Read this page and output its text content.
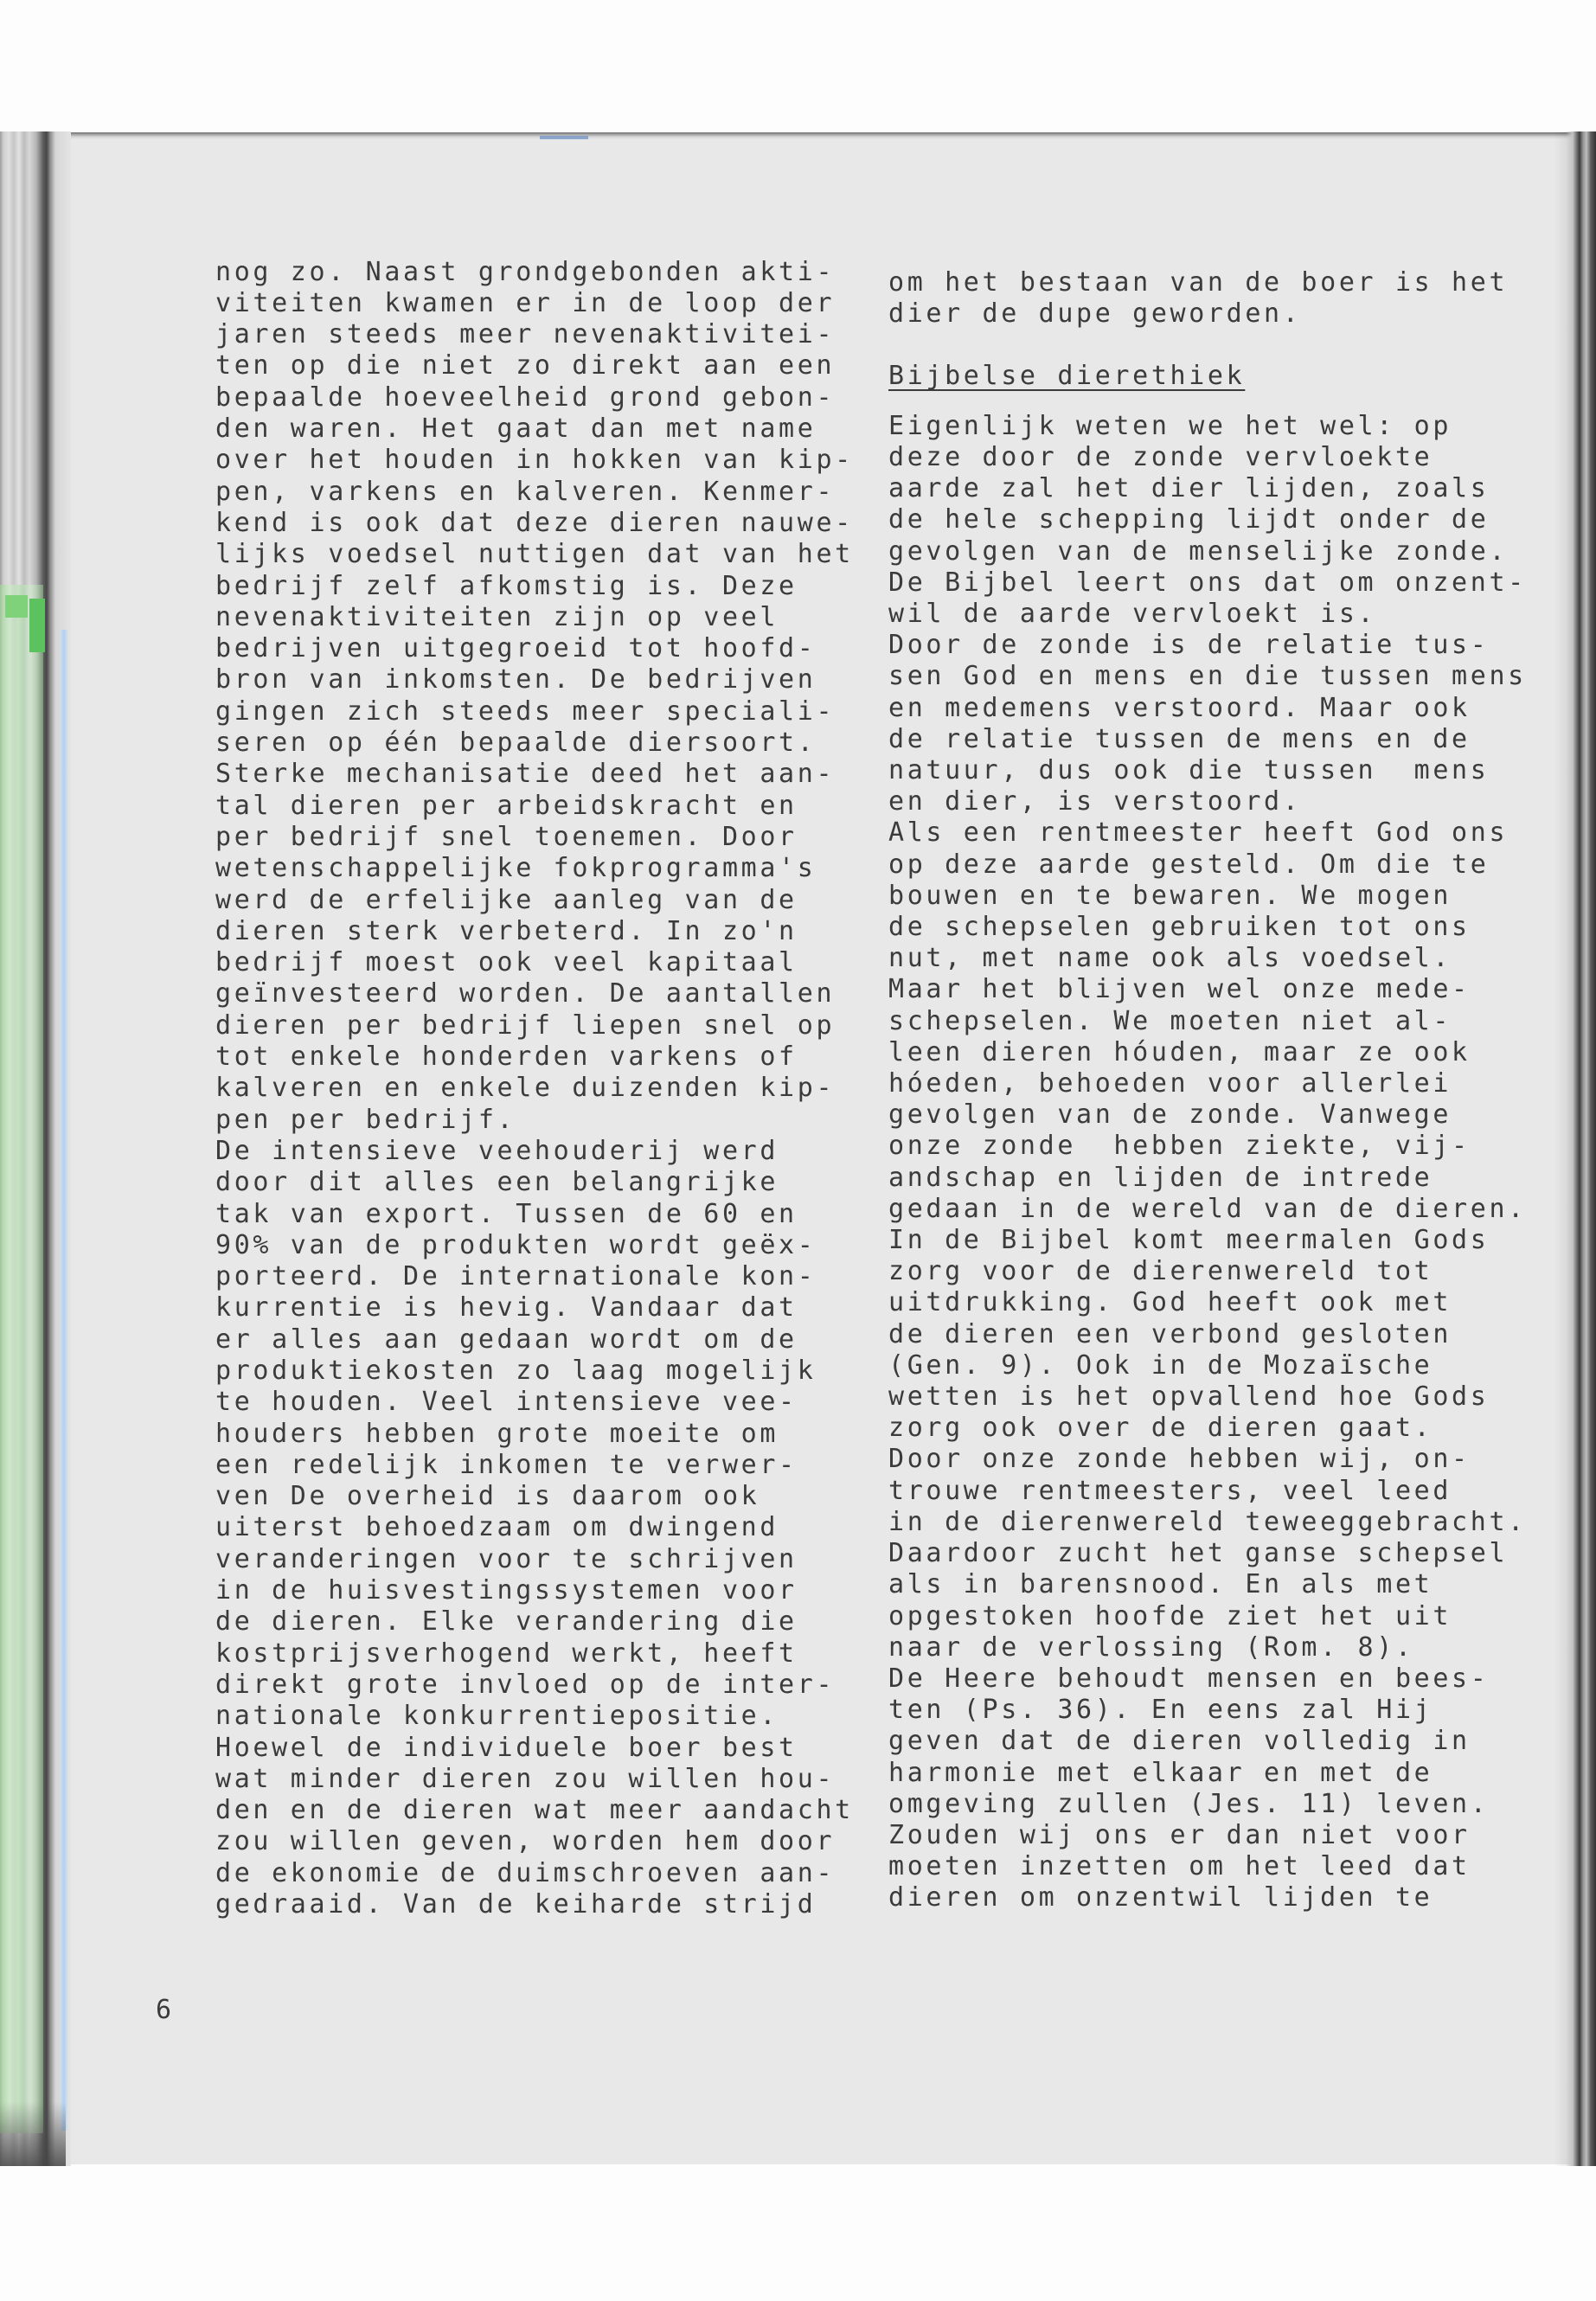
nog zo. Naast grondgebonden akti-
viteiten kwamen er in de loop der
jaren steeds meer nevenaktivitei-
ten op die niet zo direkt aan een
bepaalde hoeveelheid grond gebon-
den waren. Het gaat dan met name
over het houden in hokken van kip-
pen, varkens en kalveren. Kenmer-
kend is ook dat deze dieren nauwe-
lijks voedsel nuttigen dat van het
bedrijf zelf afkomstig is. Deze
nevenaktiviteiten zijn op veel
bedrijven uitgegroeid tot hoofd-
bron van inkomsten. De bedrijven
gingen zich steeds meer speciali-
seren op één bepaalde diersoort.
Sterke mechanisatie deed het aan-
tal dieren per arbeidskracht en
per bedrijf snel toenemen. Door
wetenschappelijke fokprogramma's
werd de erfelijke aanleg van de
dieren sterk verbeterd. In zo'n
bedrijf moest ook veel kapitaal
geïnvesteerd worden. De aantallen
dieren per bedrijf liepen snel op
tot enkele honderden varkens of
kalveren en enkele duizenden kip-
pen per bedrijf.
De intensieve veehouderij werd
door dit alles een belangrijke
tak van export. Tussen de 60 en
90% van de produkten wordt geëx-
porteerd. De internationale kon-
kurrentie is hevig. Vandaar dat
er alles aan gedaan wordt om de
produktiekosten zo laag mogelijk
te houden. Veel intensieve vee-
houders hebben grote moeite om
een redelijk inkomen te verwer-
ven De overheid is daarom ook
uiterst behoedzaam om dwingend
veranderingen voor te schrijven
in de huisvestingssystemen voor
de dieren. Elke verandering die
kostprijsverhogend werkt, heeft
direkt grote invloed op de inter-
nationale konkurrentiepositie.
Hoewel de individuele boer best
wat minder dieren zou willen hou-
den en de dieren wat meer aandacht
zou willen geven, worden hem door
de ekonomie de duimschroeven aan-
gedraaid. Van de keiharde strijd
om het bestaan van de boer is het
dier de dupe geworden.
Bijbelse dierethiek
Eigenlijk weten we het wel: op
deze door de zonde vervloekte
aarde zal het dier lijden, zoals
de hele schepping lijdt onder de
gevolgen van de menselijke zonde.
De Bijbel leert ons dat om onzent-
wil de aarde vervloekt is.
Door de zonde is de relatie tus-
sen God en mens en die tussen mens
en medemens verstoord. Maar ook
de relatie tussen de mens en de
natuur, dus ook die tussen  mens
en dier, is verstoord.
Als een rentmeester heeft God ons
op deze aarde gesteld. Om die te
bouwen en te bewaren. We mogen
de schepselen gebruiken tot ons
nut, met name ook als voedsel.
Maar het blijven wel onze mede-
schepselen. We moeten niet al-
leen dieren hóuden, maar ze ook
hóeden, behoeden voor allerlei
gevolgen van de zonde. Vanwege
onze zonde  hebben ziekte, vij-
andschap en lijden de intrede
gedaan in de wereld van de dieren.
In de Bijbel komt meermalen Gods
zorg voor de dierenwereld tot
uitdrukking. God heeft ook met
de dieren een verbond gesloten
(Gen. 9). Ook in de Mozaïsche
wetten is het opvallend hoe Gods
zorg ook over de dieren gaat.
Door onze zonde hebben wij, on-
trouwe rentmeesters, veel leed
in de dierenwereld teweeggebracht.
Daardoor zucht het ganse schepsel
als in barensnood. En als met
opgestoken hoofde ziet het uit
naar de verlossing (Rom. 8).
De Heere behoudt mensen en bees-
ten (Ps. 36). En eens zal Hij
geven dat de dieren volledig in
harmonie met elkaar en met de
omgeving zullen (Jes. 11) leven.
Zouden wij ons er dan niet voor
moeten inzetten om het leed dat
dieren om onzentwil lijden te
6
